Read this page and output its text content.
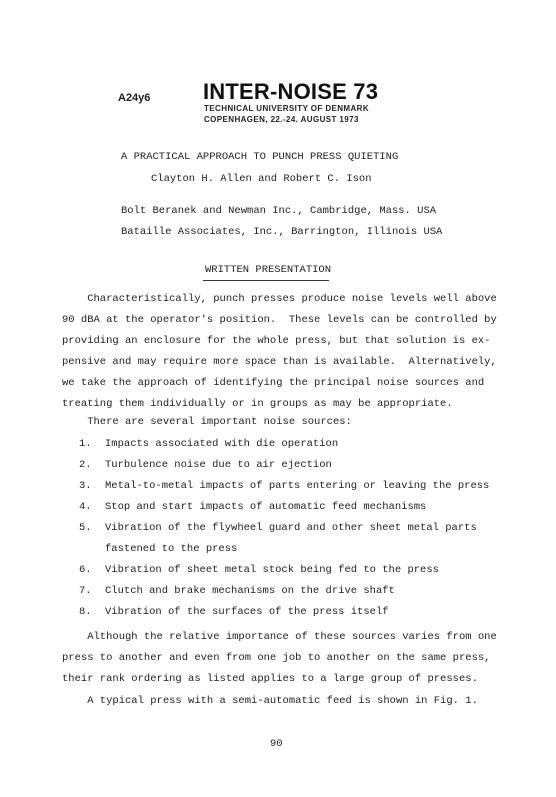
A24y6 INTER-NOISE 73
TECHNICAL UNIVERSITY OF DENMARK
COPENHAGEN, 22.-24. AUGUST 1973
A PRACTICAL APPROACH TO PUNCH PRESS QUIETING
Clayton H. Allen and Robert C. Ison
Bolt Beranek and Newman Inc., Cambridge, Mass. USA
Bataille Associates, Inc., Barrington, Illinois USA
WRITTEN PRESENTATION
Characteristically, punch presses produce noise levels well above
90 dBA at the operator's position.  These levels can be controlled by
providing an enclosure for the whole press, but that solution is ex-
pensive and may require more space than is available.  Alternatively,
we take the approach of identifying the principal noise sources and
treating them individually or in groups as may be appropriate.
There are several important noise sources:
1. Impacts associated with die operation
2. Turbulence noise due to air ejection
3. Metal-to-metal impacts of parts entering or leaving the press
4. Stop and start impacts of automatic feed mechanisms
5. Vibration of the flywheel guard and other sheet metal parts
fastened to the press
6. Vibration of sheet metal stock being fed to the press
7. Clutch and brake mechanisms on the drive shaft
8. Vibration of the surfaces of the press itself
Although the relative importance of these sources varies from one
press to another and even from one job to another on the same press,
their rank ordering as listed applies to a large group of presses.
A typical press with a semi-automatic feed is shown in Fig. 1.
90
